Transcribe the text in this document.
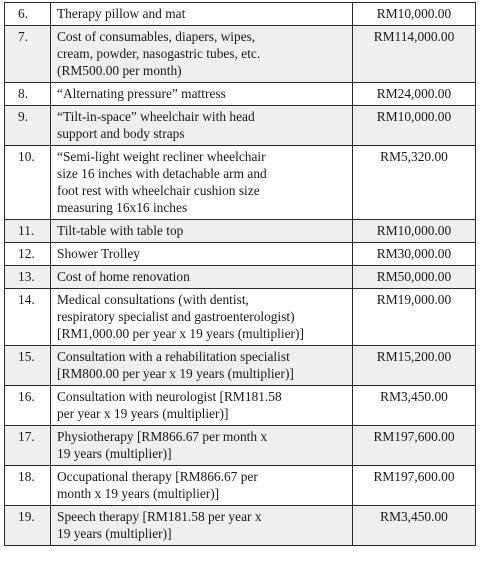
6.	Therapy pillow and mat	RM10,000.00
7.	Cost of consumables, diapers, wipes,
cream, powder, nasogastric tubes, etc.
(RM500.00 per month)	RM114,000.00
8.	“Alternating pressure” mattress	RM24,000.00
9.	“Tilt-in-space” wheelchair with head
support and body straps	RM10,000.00
10.	“Semi-light weight recliner wheelchair
size 16 inches with detachable arm and
foot rest with wheelchair cushion size
measuring 16x16 inches	RM5,320.00
11.	Tilt-table with table top	RM10,000.00
12.	Shower Trolley	RM30,000.00
13.	Cost of home renovation	RM50,000.00
14.	Medical consultations (with dentist,
respiratory specialist and gastroenterologist)
[RM1,000.00 per year x 19 years (multiplier)]	RM19,000.00
15.	Consultation with a rehabilitation specialist
[RM800.00 per year x 19 years (multiplier)]	RM15,200.00
16.	Consultation with neurologist [RM181.58
per year x 19 years (multiplier)]	RM3,450.00
17.	Physiotherapy [RM866.67 per month x
19 years (multiplier)]	RM197,600.00
18.	Occupational therapy [RM866.67 per
month x 19 years (multiplier)]	RM197,600.00
19.	Speech therapy [RM181.58 per year x
19 years (multiplier)]	RM3,450.00
